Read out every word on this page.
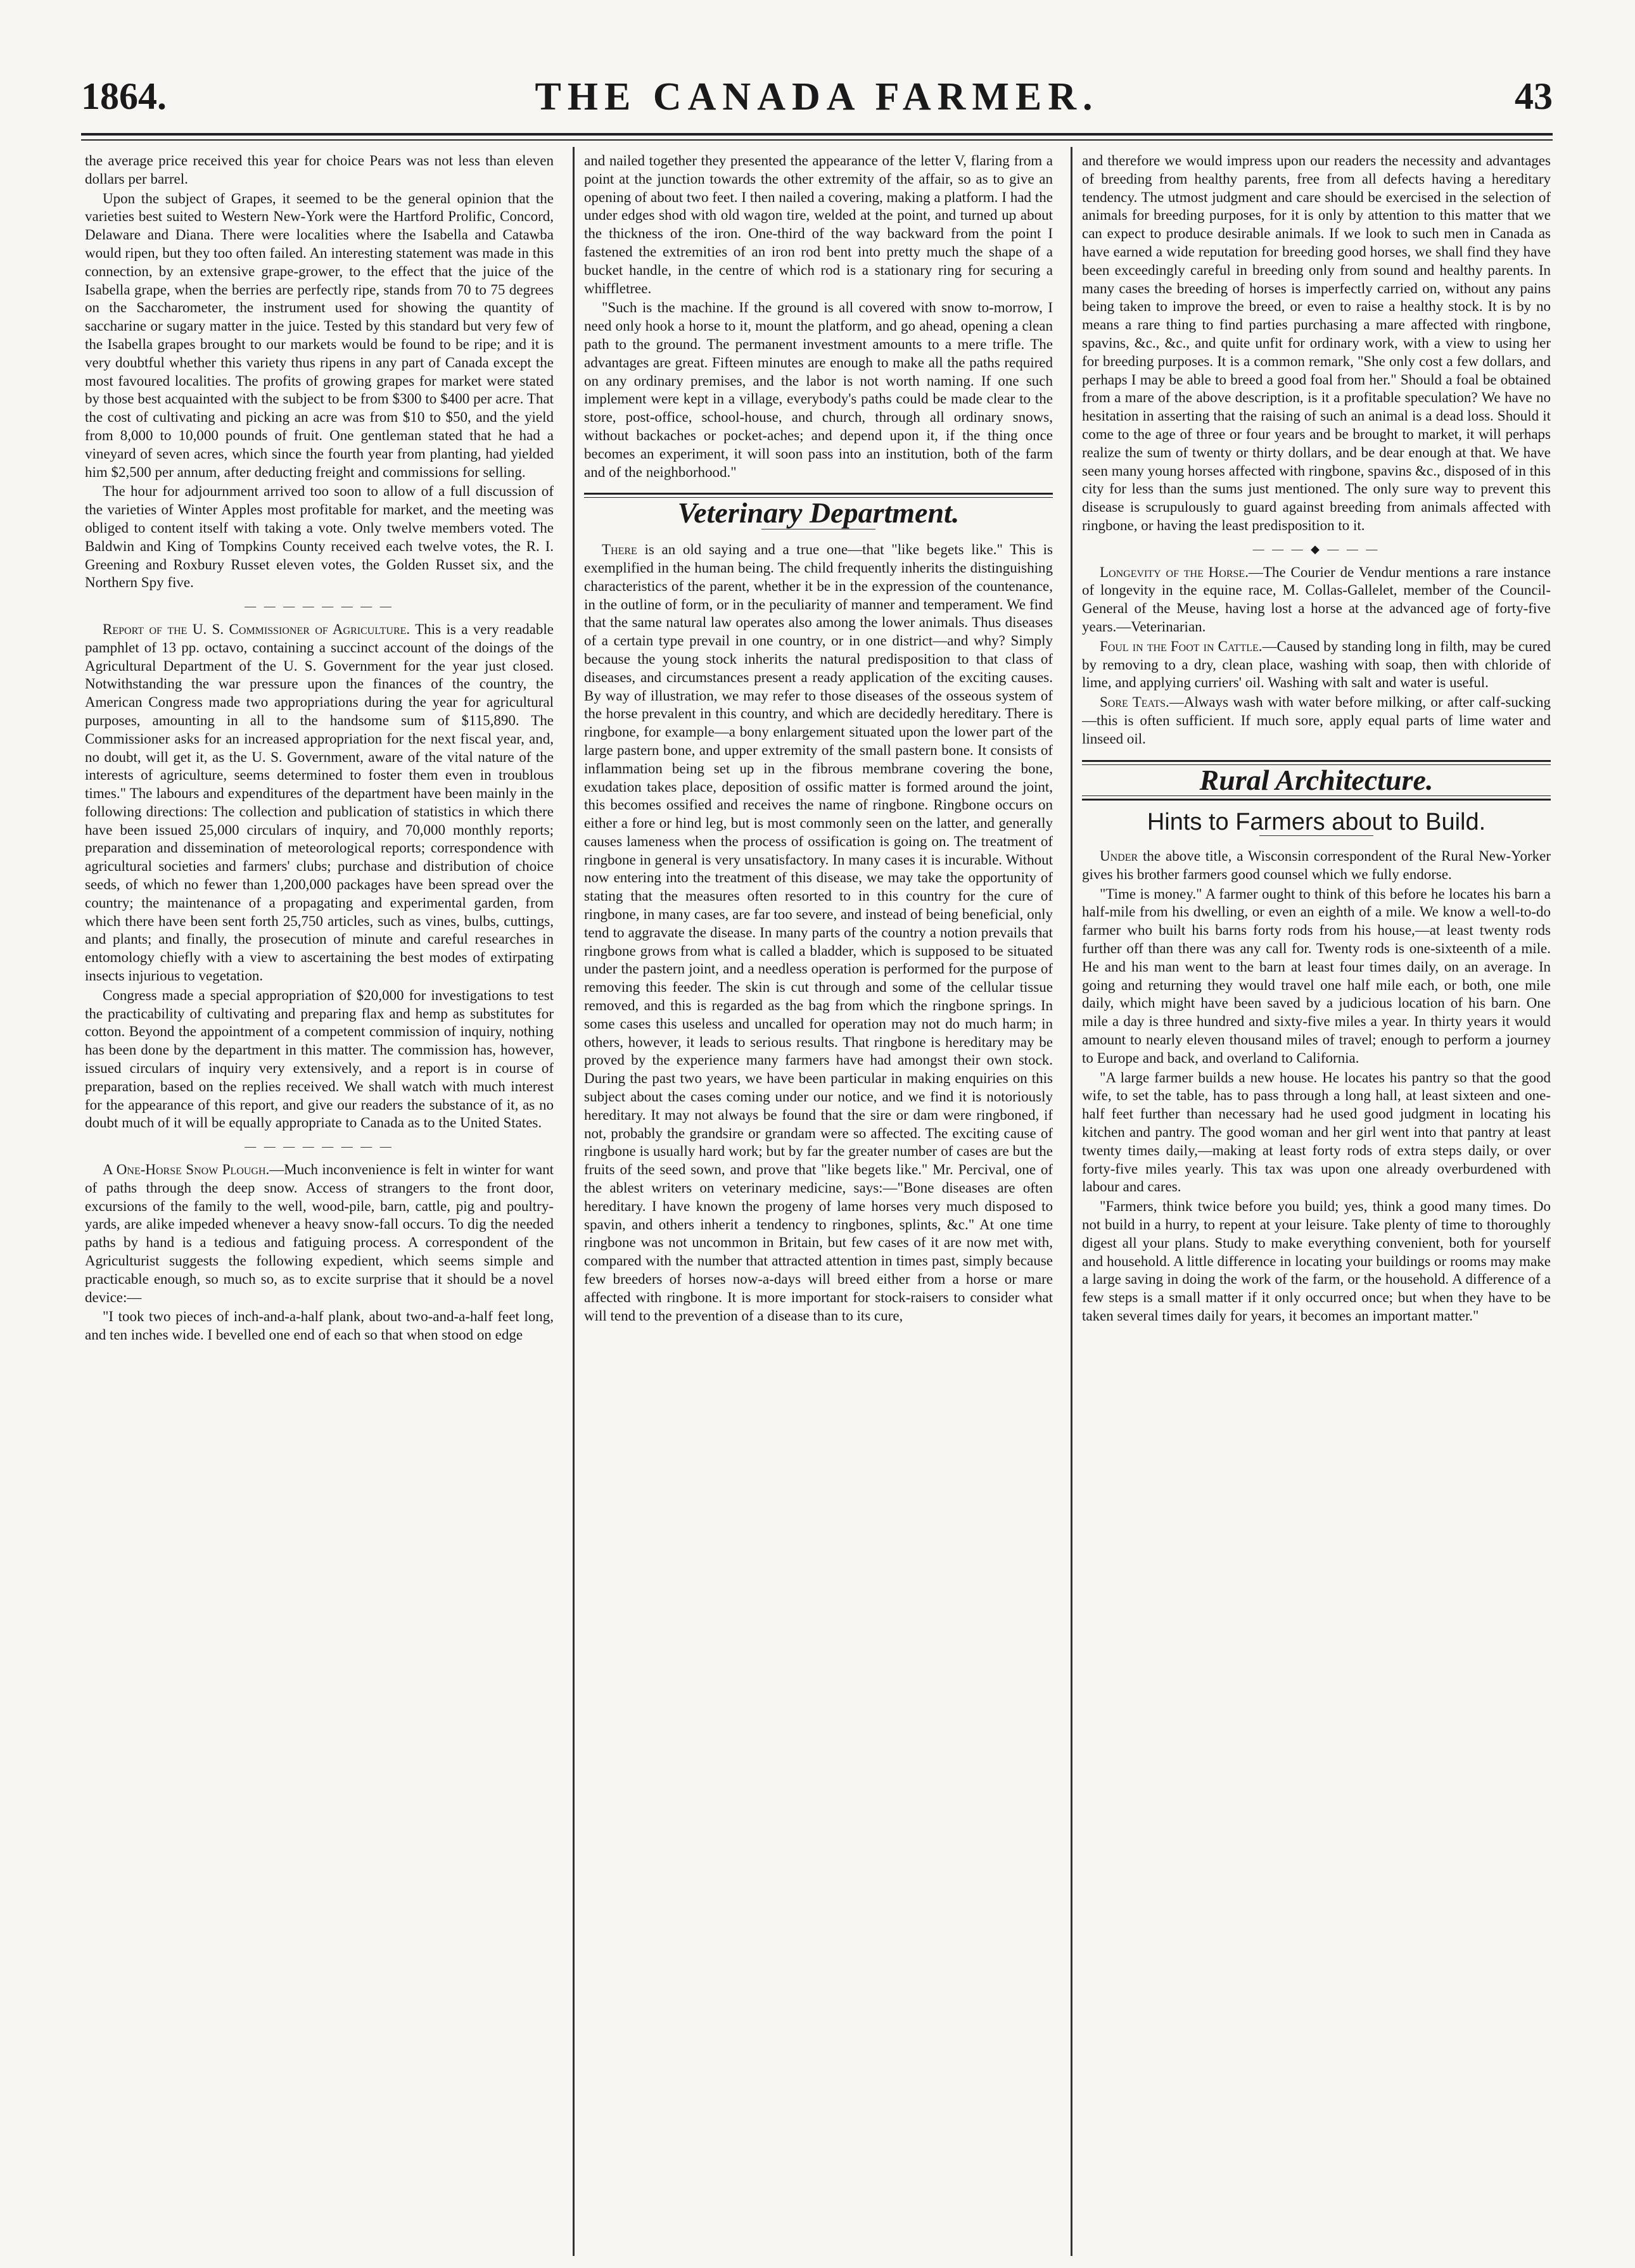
1864.	THE CANADA FARMER.	43

the average price received this year for choice Pears was not less than eleven dollars per barrel.

Upon the subject of Grapes, it seemed to be the general opinion that the varieties best suited to Western New-York were the Hartford Prolific, Concord, Delaware and Diana. There were localities where the Isabella and Catawba would ripen, but they too often failed. An interesting statement was made in this connection, by an extensive grape-grower, to the effect that the juice of the Isabella grape, when the berries are perfectly ripe, stands from 70 to 75 degrees on the Saccharometer, the instrument used for showing the quantity of saccharine or sugary matter in the juice. Tested by this standard but very few of the Isabella grapes brought to our markets would be found to be ripe; and it is very doubtful whether this variety thus ripens in any part of Canada except the most favoured localities. The profits of growing grapes for market were stated by those best acquainted with the subject to be from $300 to $400 per acre. That the cost of cultivating and picking an acre was from $10 to $50, and the yield from 8,000 to 10,000 pounds of fruit. One gentleman stated that he had a vineyard of seven acres, which since the fourth year from planting, had yielded him $2,500 per annum, after deducting freight and commissions for selling.

The hour for adjournment arrived too soon to allow of a full discussion of the varieties of Winter Apples most profitable for market, and the meeting was obliged to content itself with taking a vote. Only twelve members voted. The Baldwin and King of Tompkins County received each twelve votes, the R. I. Greening and Roxbury Russet eleven votes, the Golden Russet six, and the Northern Spy five.

— — — — — — — —

Report of the U. S. Commissioner of Agriculture. This is a very readable pamphlet of 13 pp. octavo, containing a succinct account of the doings of the Agricultural Department of the U. S. Government for the year just closed. Notwithstanding the war pressure upon the finances of the country, the American Congress made two appropriations during the year for agricultural purposes, amounting in all to the handsome sum of $115,890. The Commissioner asks for an increased appropriation for the next fiscal year, and, no doubt, will get it, as the U. S. Government, aware of the vital nature of the interests of agriculture, seems determined to foster them even in troublous times." The labours and expenditures of the department have been mainly in the following directions: The collection and publication of statistics in which there have been issued 25,000 circulars of inquiry, and 70,000 monthly reports; preparation and dissemination of meteorological reports; correspondence with agricultural societies and farmers' clubs; purchase and distribution of choice seeds, of which no fewer than 1,200,000 packages have been spread over the country; the maintenance of a propagating and experimental garden, from which there have been sent forth 25,750 articles, such as vines, bulbs, cuttings, and plants; and finally, the prosecution of minute and careful researches in entomology chiefly with a view to ascertaining the best modes of extirpating insects injurious to vegetation.

Congress made a special appropriation of $20,000 for investigations to test the practicability of cultivating and preparing flax and hemp as substitutes for cotton. Beyond the appointment of a competent commission of inquiry, nothing has been done by the department in this matter. The commission has, however, issued circulars of inquiry very extensively, and a report is in course of preparation, based on the replies received. We shall watch with much interest for the appearance of this report, and give our readers the substance of it, as no doubt much of it will be equally appropriate to Canada as to the United States.

— — — — — — — —

A One-Horse Snow Plough.—Much inconvenience is felt in winter for want of paths through the deep snow. Access of strangers to the front door, excursions of the family to the well, wood-pile, barn, cattle, pig and poultry-yards, are alike impeded whenever a heavy snow-fall occurs. To dig the needed paths by hand is a tedious and fatiguing process. A correspondent of the Agriculturist suggests the following expedient, which seems simple and practicable enough, so much so, as to excite surprise that it should be a novel device:—

"I took two pieces of inch-and-a-half plank, about two-and-a-half feet long, and ten inches wide. I bevelled one end of each so that when stood on edge

and nailed together they presented the appearance of the letter V, flaring from a point at the junction towards the other extremity of the affair, so as to give an opening of about two feet. I then nailed a covering, making a platform. I had the under edges shod with old wagon tire, welded at the point, and turned up about the thickness of the iron. One-third of the way backward from the point I fastened the extremities of an iron rod bent into pretty much the shape of a bucket handle, in the centre of which rod is a stationary ring for securing a whiffletree.

"Such is the machine. If the ground is all covered with snow to-morrow, I need only hook a horse to it, mount the platform, and go ahead, opening a clean path to the ground. The permanent investment amounts to a mere trifle. The advantages are great. Fifteen minutes are enough to make all the paths required on any ordinary premises, and the labor is not worth naming. If one such implement were kept in a village, everybody's paths could be made clear to the store, post-office, school-house, and church, through all ordinary snows, without backaches or pocket-aches; and depend upon it, if the thing once becomes an experiment, it will soon pass into an institution, both of the farm and of the neighborhood."

Veterinary Department.

There is an old saying and a true one—that "like begets like." This is exemplified in the human being. The child frequently inherits the distinguishing characteristics of the parent, whether it be in the expression of the countenance, in the outline of form, or in the peculiarity of manner and temperament. We find that the same natural law operates also among the lower animals. Thus diseases of a certain type prevail in one country, or in one district—and why? Simply because the young stock inherits the natural predisposition to that class of diseases, and circumstances present a ready application of the exciting causes. By way of illustration, we may refer to those diseases of the osseous system of the horse prevalent in this country, and which are decidedly hereditary. There is ringbone, for example—a bony enlargement situated upon the lower part of the large pastern bone, and upper extremity of the small pastern bone. It consists of inflammation being set up in the fibrous membrane covering the bone, exudation takes place, deposition of ossific matter is formed around the joint, this becomes ossified and receives the name of ringbone. Ringbone occurs on either a fore or hind leg, but is most commonly seen on the latter, and generally causes lameness when the process of ossification is going on. The treatment of ringbone in general is very unsatisfactory. In many cases it is incurable. Without now entering into the treatment of this disease, we may take the opportunity of stating that the measures often resorted to in this country for the cure of ringbone, in many cases, are far too severe, and instead of being beneficial, only tend to aggravate the disease. In many parts of the country a notion prevails that ringbone grows from what is called a bladder, which is supposed to be situated under the pastern joint, and a needless operation is performed for the purpose of removing this feeder. The skin is cut through and some of the cellular tissue removed, and this is regarded as the bag from which the ringbone springs. In some cases this useless and uncalled for operation may not do much harm; in others, however, it leads to serious results. That ringbone is hereditary may be proved by the experience many farmers have had amongst their own stock. During the past two years, we have been particular in making enquiries on this subject about the cases coming under our notice, and we find it is notoriously hereditary. It may not always be found that the sire or dam were ringboned, if not, probably the grandsire or grandam were so affected. The exciting cause of ringbone is usually hard work; but by far the greater number of cases are but the fruits of the seed sown, and prove that "like begets like." Mr. Percival, one of the ablest writers on veterinary medicine, says:—"Bone diseases are often hereditary. I have known the progeny of lame horses very much disposed to spavin, and others inherit a tendency to ringbones, splints, &c." At one time ringbone was not uncommon in Britain, but few cases of it are now met with, compared with the number that attracted attention in times past, simply because few breeders of horses now-a-days will breed either from a horse or mare affected with ringbone. It is more important for stock-raisers to consider what will tend to the prevention of a disease than to its cure,

and therefore we would impress upon our readers the necessity and advantages of breeding from healthy parents, free from all defects having a hereditary tendency. The utmost judgment and care should be exercised in the selection of animals for breeding purposes, for it is only by attention to this matter that we can expect to produce desirable animals. If we look to such men in Canada as have earned a wide reputation for breeding good horses, we shall find they have been exceedingly careful in breeding only from sound and healthy parents. In many cases the breeding of horses is imperfectly carried on, without any pains being taken to improve the breed, or even to raise a healthy stock. It is by no means a rare thing to find parties purchasing a mare affected with ringbone, spavins, &c., &c., and quite unfit for ordinary work, with a view to using her for breeding purposes. It is a common remark, "She only cost a few dollars, and perhaps I may be able to breed a good foal from her." Should a foal be obtained from a mare of the above description, is it a profitable speculation? We have no hesitation in asserting that the raising of such an animal is a dead loss. Should it come to the age of three or four years and be brought to market, it will perhaps realize the sum of twenty or thirty dollars, and be dear enough at that. We have seen many young horses affected with ringbone, spavins &c., disposed of in this city for less than the sums just mentioned. The only sure way to prevent this disease is scrupulously to guard against breeding from animals affected with ringbone, or having the least predisposition to it.

— — — ◆ — — —

Longevity of the Horse.—The Courier de Vendur mentions a rare instance of longevity in the equine race, M. Collas-Gallelet, member of the Council-General of the Meuse, having lost a horse at the advanced age of forty-five years.—Veterinarian.

Foul in the Foot in Cattle.—Caused by standing long in filth, may be cured by removing to a dry, clean place, washing with soap, then with chloride of lime, and applying curriers' oil. Washing with salt and water is useful.

Sore Teats.—Always wash with water before milking, or after calf-sucking—this is often sufficient. If much sore, apply equal parts of lime water and linseed oil.

Rural Architecture.
Hints to Farmers about to Build.

Under the above title, a Wisconsin correspondent of the Rural New-Yorker gives his brother farmers good counsel which we fully endorse.

"Time is money." A farmer ought to think of this before he locates his barn a half-mile from his dwelling, or even an eighth of a mile. We know a well-to-do farmer who built his barns forty rods from his house,—at least twenty rods further off than there was any call for. Twenty rods is one-sixteenth of a mile. He and his man went to the barn at least four times daily, on an average. In going and returning they would travel one half mile each, or both, one mile daily, which might have been saved by a judicious location of his barn. One mile a day is three hundred and sixty-five miles a year. In thirty years it would amount to nearly eleven thousand miles of travel; enough to perform a journey to Europe and back, and overland to California.

"A large farmer builds a new house. He locates his pantry so that the good wife, to set the table, has to pass through a long hall, at least sixteen and one-half feet further than necessary had he used good judgment in locating his kitchen and pantry. The good woman and her girl went into that pantry at least twenty times daily,—making at least forty rods of extra steps daily, or over forty-five miles yearly. This tax was upon one already overburdened with labour and cares.

"Farmers, think twice before you build; yes, think a good many times. Do not build in a hurry, to repent at your leisure. Take plenty of time to thoroughly digest all your plans. Study to make everything convenient, both for yourself and household. A little difference in locating your buildings or rooms may make a large saving in doing the work of the farm, or the household. A difference of a few steps is a small matter if it only occurred once; but when they have to be taken several times daily for years, it becomes an important matter."
